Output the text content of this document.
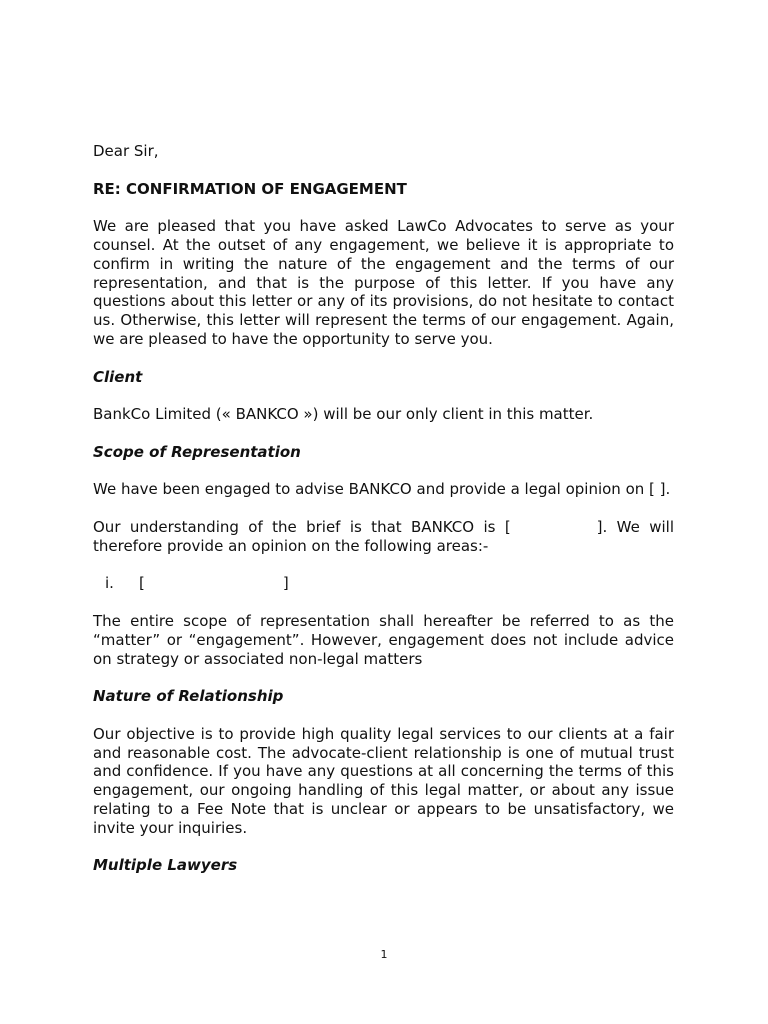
Dear Sir,

RE: CONFIRMATION OF ENGAGEMENT

We are pleased that you have asked LawCo Advocates to serve as your counsel. At the outset of any engagement, we believe it is appropriate to confirm in writing the nature of the engagement and the terms of our representation, and that is the purpose of this letter. If you have any questions about this letter or any of its provisions, do not hesitate to contact us. Otherwise, this letter will represent the terms of our engagement. Again, we are pleased to have the opportunity to serve you.

Client

BankCo Limited (« BANKCO ») will be our only client in this matter.

Scope of Representation

We have been engaged to advise BANKCO and provide a legal opinion on [ ].

Our understanding of the brief is that BANKCO is [	]. We will therefore provide an opinion on the following areas:-

i. [	]

The entire scope of representation shall hereafter be referred to as the “matter” or “engagement”. However, engagement does not include advice on strategy or associated non-legal matters

Nature of Relationship

Our objective is to provide high quality legal services to our clients at a fair and reasonable cost. The advocate-client relationship is one of mutual trust and confidence. If you have any questions at all concerning the terms of this engagement, our ongoing handling of this legal matter, or about any issue relating to a Fee Note that is unclear or appears to be unsatisfactory, we invite your inquiries.

Multiple Lawyers

1
